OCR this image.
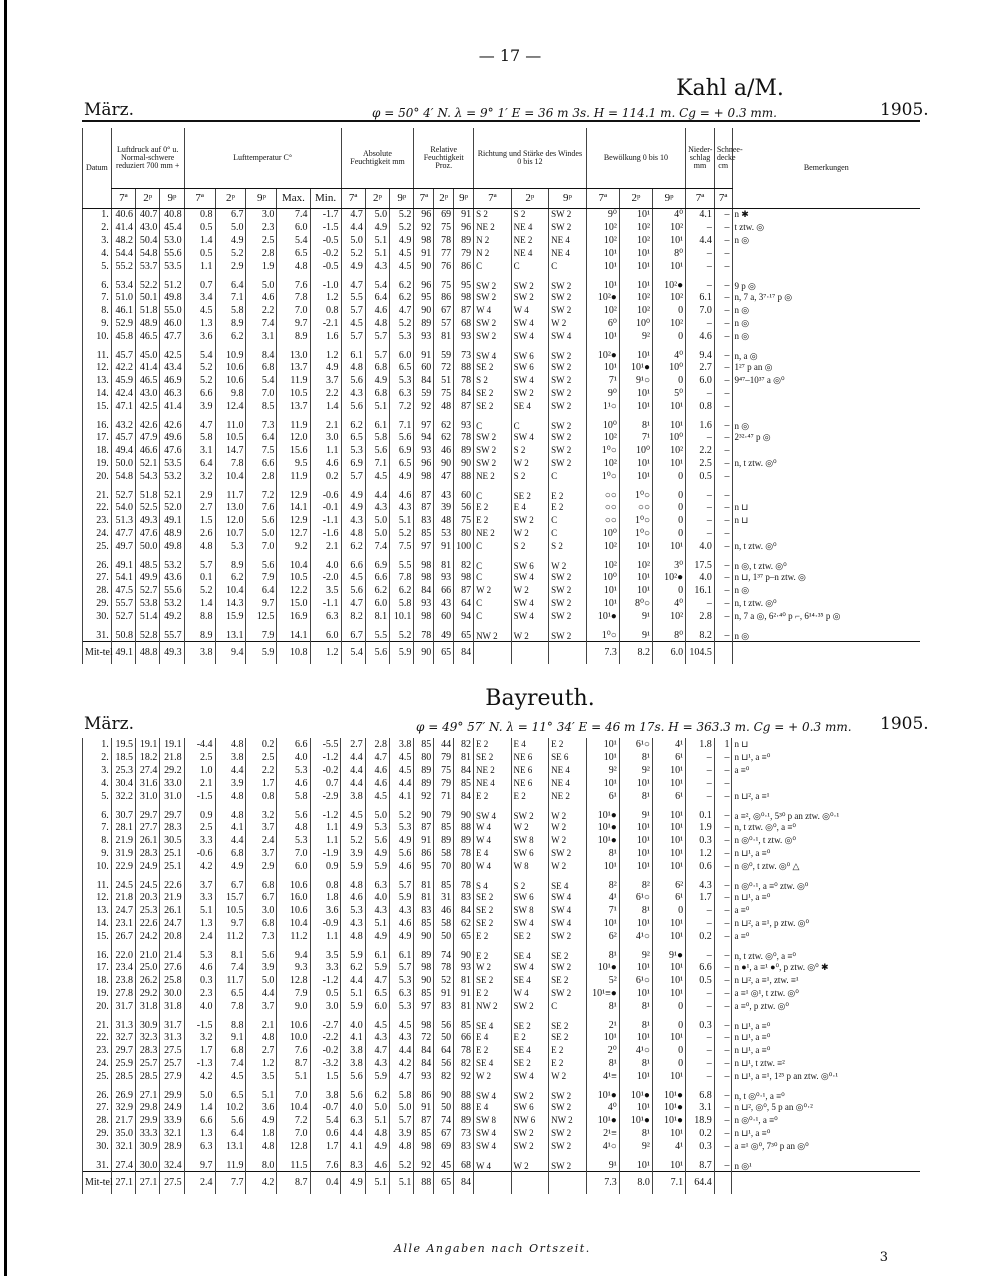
— 17 —
März.
Kahl a/M.
φ = 50° 4′ N. λ = 9° 1′ E = 36 m 3s. H = 114.1 m. Cg = + 0.3 mm.	1905.
Datum	Luftdruck auf 0° u. Normal-schwere reduziert 700 mm +			Lufttemperatur C°					Absolute Feuchtigkeit mm			Relative Feuchtigkeit Proz.			Richtung und Stärke des Windes 0 bis 12			Bewölkung 0 bis 10			Nieder-schlag mm	Schnee-decke cm	Bemerkungen
	7ª	2ᵖ	9ᵖ	7ª	2ᵖ	9ᵖ	Max.	Min.	7ª	2ᵖ	9ᵖ	7ª	2ᵖ	9ᵖ	7ª	2ᵖ	9ᵖ	7ª	2ᵖ	9ᵖ	7ª	7ª	
1.	40.6	40.7	40.8	0.8	6.7	3.0	7.4	-1.7	4.7	5.0	5.2	96	69	91	S 2	S 2	SW 2	9⁰	10¹	4⁰	4.1	–	n ✱
2.	41.4	43.0	45.4	0.5	5.0	2.3	6.0	-1.5	4.4	4.9	5.2	92	75	96	NE 2	NE 4	SW 2	10²	10²	10²	–	–	t ztw. ◎
3.	48.2	50.4	53.0	1.4	4.9	2.5	5.4	-0.5	5.0	5.1	4.9	98	78	89	N 2	NE 2	NE 4	10²	10²	10¹	4.4	–	n ◎
4.	54.4	54.8	55.6	0.5	5.2	2.8	6.5	-0.2	5.2	5.1	4.5	91	77	79	N 2	NE 4	NE 4	10¹	10¹	8⁰	–	–	
5.	55.2	53.7	53.5	1.1	2.9	1.9	4.8	-0.5	4.9	4.3	4.5	90	76	86	C	C	C	10¹	10¹	10¹	–	–	
6.	53.4	52.2	51.2	0.7	6.4	5.0	7.6	-1.0	4.7	5.4	6.2	96	75	95	SW 2	SW 2	SW 2	10¹	10¹	10²●	–	–	9 p ◎
7.	51.0	50.1	49.8	3.4	7.1	4.6	7.8	1.2	5.5	6.4	6.2	95	86	98	SW 2	SW 2	SW 2	10²●	10²	10²	6.1	–	n, 7 a, 3⁷·¹⁷ p ◎
8.	46.1	51.8	55.0	4.5	5.8	2.2	7.0	0.8	5.7	4.6	4.7	90	67	87	W 4	W 4	SW 2	10²	10²	0	7.0	–	n ◎
9.	52.9	48.9	46.0	1.3	8.9	7.4	9.7	-2.1	4.5	4.8	5.2	89	57	68	SW 2	SW 4	W 2	6⁰	10⁰	10²	–	–	n ◎
10.	45.8	46.5	47.7	3.6	6.2	3.1	8.9	1.6	5.7	5.7	5.3	93	81	93	SW 2	SW 4	SW 4	10¹	9²	0	4.6	–	n ◎
11.	45.7	45.0	42.5	5.4	10.9	8.4	13.0	1.2	6.1	5.7	6.0	91	59	73	SW 4	SW 6	SW 2	10²●	10¹	4⁰	9.4	–	n, a ◎
12.	42.2	41.4	43.4	5.2	10.6	6.8	13.7	4.9	4.8	6.8	6.5	60	72	88	SE 2	SW 6	SW 2	10¹	10¹●	10⁰	2.7	–	1²⁷ p an ◎
13.	45.9	46.5	46.9	5.2	10.6	5.4	11.9	3.7	5.6	4.9	5.3	84	51	78	S 2	SW 4	SW 2	7¹	9¹○	0	6.0	–	9⁴⁷–10³⁷ a ◎⁰
14.	42.4	43.0	46.3	6.6	9.8	7.0	10.5	2.2	4.3	6.8	6.3	59	75	84	SE 2	SW 2	SW 2	9⁰	10¹	5⁰	–	–	
15.	47.1	42.5	41.4	3.9	12.4	8.5	13.7	1.4	5.6	5.1	7.2	92	48	87	SE 2	SE 4	SW 2	1¹○	10¹	10¹	0.8	–	
16.	43.2	42.6	42.6	4.7	11.0	7.3	11.9	2.1	6.2	6.1	7.1	97	62	93	C	C	SW 2	10⁰	8¹	10¹	1.6	–	n ◎
17.	45.7	47.9	49.6	5.8	10.5	6.4	12.0	3.0	6.5	5.8	5.6	94	62	78	SW 2	SW 4	SW 2	10²	7¹	10⁰	–	–	2³²·⁴⁷ p ◎
18.	49.4	46.6	47.6	3.1	14.7	7.5	15.6	1.1	5.3	5.6	6.9	93	46	89	SW 2	S 2	SW 2	1⁰○	10⁰	10²	2.2	–	
19.	50.0	52.1	53.5	6.4	7.8	6.6	9.5	4.6	6.9	7.1	6.5	96	90	90	SW 2	W 2	SW 2	10²	10¹	10¹	2.5	–	n, t ztw. ◎⁰
20.	54.8	54.3	53.2	3.2	10.4	2.8	11.9	0.2	5.7	4.5	4.9	98	47	88	NE 2	S 2	C	1⁰○	10¹	0	0.5	–	
21.	52.7	51.8	52.1	2.9	11.7	7.2	12.9	-0.6	4.9	4.4	4.6	87	43	60	C	SE 2	E 2	○○	1⁰○	0	–	–	
22.	54.0	52.5	52.0	2.7	13.0	7.6	14.1	-0.1	4.9	4.3	4.3	87	39	56	E 2	E 4	E 2	○○	○○	0	–	–	n ⊔
23.	51.3	49.3	49.1	1.5	12.0	5.6	12.9	-1.1	4.3	5.0	5.1	83	48	75	E 2	SW 2	C	○○	1⁰○	0	–	–	n ⊔
24.	47.7	47.6	48.9	2.6	10.7	5.0	12.7	-1.6	4.8	5.0	5.2	85	53	80	NE 2	W 2	C	10⁰	1⁰○	0	–	–	
25.	49.7	50.0	49.8	4.8	5.3	7.0	9.2	2.1	6.2	7.4	7.5	97	91	100	C	S 2	S 2	10²	10¹	10¹	4.0	–	n, t ztw. ◎⁰
26.	49.1	48.5	53.2	5.7	8.9	5.6	10.4	4.0	6.6	6.9	5.5	98	81	82	C	SW 6	W 2	10²	10²	3⁰	17.5	–	n ◎, t ztw. ◎⁰
27.	54.1	49.9	43.6	0.1	6.2	7.9	10.5	-2.0	4.5	6.6	7.8	98	93	98	C	SW 4	SW 2	10⁰	10¹	10²●	4.0	–	n ⊔, 1³⁷ p–n ztw. ◎
28.	47.5	52.7	55.6	5.2	10.4	6.4	12.2	3.5	5.6	6.2	6.2	84	66	87	W 2	W 2	SW 2	10¹	10¹	0	16.1	–	n ◎
29.	55.7	53.8	53.2	1.4	14.3	9.7	15.0	-1.1	4.7	6.0	5.8	93	43	64	C	SW 4	SW 2	10¹	8⁰○	4⁰	–	–	n, t ztw. ◎⁰
30.	52.7	51.4	49.2	8.8	15.9	12.5	16.9	6.3	8.2	8.1	10.1	98	60	94	C	SW 4	SW 2	10¹●	9¹	10²	2.8	–	n, 7 a ◎, 6²·⁴⁰ p ⌐, 6¹⁴·³⁵ p ◎
31.	50.8	52.8	55.7	8.9	13.1	7.9	14.1	6.0	6.7	5.5	5.2	78	49	65	NW 2	W 2	SW 2	1⁰○	9¹	8⁰	8.2	–	n ◎
Mit-tel	49.1	48.8	49.3	3.8	9.4	5.9	10.8	1.2	5.4	5.6	5.9	90	65	84				7.3	8.2	6.0	104.5		
Bayreuth.
März.	φ = 49° 57′ N. λ = 11° 34′ E = 46 m 17s. H = 363.3 m. Cg = + 0.3 mm. 1905.
1.	19.5	19.1	19.1	-4.4	4.8	0.2	6.6	-5.5	2.7	2.8	3.8	85	44	82	E 2	E 4	E 2	10¹	6¹○	4¹	1.8	1	n ⊔
2.	18.5	18.2	21.8	2.5	3.8	2.5	4.0	-1.2	4.4	4.7	4.5	80	79	81	SE 2	NE 6	SE 6	10¹	8¹	6¹	–	–	n ⊔¹, a ≡⁰
3.	25.3	27.4	29.2	1.0	4.4	2.2	5.3	-0.2	4.4	4.6	4.5	89	75	84	NE 2	NE 6	NE 4	9²	9²	10¹	–	–	a ≡⁰
4.	30.4	31.6	33.0	2.1	3.9	1.7	4.6	0.7	4.4	4.6	4.4	89	79	85	NE 4	NE 6	NE 4	10¹	10¹	10¹	–	–	
5.	32.2	31.0	31.0	-1.5	4.8	0.8	5.8	-2.9	3.8	4.5	4.1	92	71	84	E 2	E 2	NE 2	6¹	8¹	6¹	–	–	n ⊔², a ≡¹
6.	30.7	29.7	29.7	0.9	4.8	3.2	5.6	-1.2	4.5	5.0	5.2	90	79	90	SW 4	SW 2	W 2	10¹●	9¹	10¹	0.1	–	a ≡², ◎⁰·¹, 5³⁰ p an ztw. ◎⁰·¹
7.	28.1	27.7	28.3	2.5	4.1	3.7	4.8	1.1	4.9	5.3	5.3	87	85	88	W 4	W 2	W 2	10¹●	10¹	10¹	1.9	–	n, t ztw. ◎⁰, a ≡⁰
8.	21.9	26.1	30.5	3.3	4.4	2.4	5.3	1.1	5.2	5.6	4.9	91	89	89	W 4	SW 8	W 2	10¹●	10¹	10¹	0.3	–	n ◎⁰·¹, t ztw. ◎⁰
9.	31.9	28.3	25.1	-0.6	6.8	3.7	7.0	-1.9	3.9	4.9	5.6	86	58	78	E 4	SW 6	SW 2	8¹	10¹	10¹	1.2	–	n ⊔¹, a ≡⁰
10.	22.9	24.9	25.1	4.2	4.9	2.9	6.0	0.9	5.9	5.9	4.6	95	70	80	W 4	W 8	W 2	10¹	10¹	10¹	0.6	–	n ◎⁰, t ztw. ◎⁰ △
11.	24.5	24.5	22.6	3.7	6.7	6.8	10.6	0.8	4.8	6.3	5.7	81	85	78	S 4	S 2	SE 4	8²	8²	6²	4.3	–	n ◎⁰·¹, a ≡⁰ ztw. ◎⁰
12.	21.8	20.3	21.9	3.3	15.7	6.7	16.0	1.8	4.6	4.0	5.9	81	31	83	SE 2	SW 6	SW 4	4¹	6¹○	6¹	1.7	–	n ⊔¹, a ≡⁰
13.	24.7	25.3	26.1	5.1	10.5	3.0	10.6	3.6	5.3	4.3	4.3	83	46	84	SE 2	SW 8	SW 4	7¹	8¹	0	–	–	a ≡⁰
14.	23.1	22.6	24.7	1.3	9.7	6.8	10.4	-0.9	4.3	5.1	4.6	85	58	62	SE 2	SW 4	SW 4	10¹	10¹	10¹	–	–	n ⊔², a ≡¹, p ztw. ◎⁰
15.	26.7	24.2	20.8	2.4	11.2	7.3	11.2	1.1	4.8	4.9	4.9	90	50	65	E 2	SE 2	SW 2	6²	4¹○	10¹	0.2	–	a ≡⁰
16.	22.0	21.0	21.4	5.3	8.1	5.6	9.4	3.5	5.9	6.1	6.1	89	74	90	E 2	SE 4	SE 2	8¹	9²	9¹●	–	–	n, t ztw. ◎⁰, a ≡⁰
17.	23.4	25.0	27.6	4.6	7.4	3.9	9.3	3.3	6.2	5.9	5.7	98	78	93	W 2	SW 4	SW 2	10¹●	10¹	10¹	6.6	–	n ●¹, a ≡¹ ●⁰, p ztw. ◎⁰ ✱
18.	23.8	26.2	25.8	0.3	11.7	5.0	12.8	-1.2	4.4	4.7	5.3	90	52	81	SE 2	SE 4	SE 2	5²	6¹○	10¹	0.5	–	n ⊔², a ≡¹, ztw. ≡¹
19.	27.8	29.2	30.0	2.3	6.5	4.4	7.9	0.5	5.1	6.5	6.3	85	91	91	E 2	W 4	SW 2	10¹≡●	10¹	10¹	–	–	a ≡¹ ◎¹, t ztw. ◎⁰
20.	31.7	31.8	31.8	4.0	7.8	3.7	9.0	3.0	5.9	6.0	5.3	97	83	81	NW 2	SW 2	C	8¹	8¹	0	–	–	a ≡⁰, p ztw. ◎⁰
21.	31.3	30.9	31.7	-1.5	8.8	2.1	10.6	-2.7	4.0	4.5	4.5	98	56	85	SE 4	SE 2	SE 2	2¹	8¹	0	0.3	–	n ⊔¹, a ≡⁰
22.	32.7	32.3	31.3	3.2	9.1	4.8	10.0	-2.2	4.1	4.3	4.3	72	50	66	E 4	E 2	SE 2	10¹	10¹	10¹	–	–	n ⊔¹, a ≡⁰
23.	29.7	28.3	27.5	1.7	6.8	2.7	7.6	-0.2	3.8	4.7	4.4	84	64	78	E 2	SE 4	E 2	2⁰	4¹○	0	–	–	n ⊔¹, a ≡⁰
24.	25.9	25.7	25.7	-1.3	7.4	1.2	8.7	-3.2	3.8	4.3	4.2	84	56	82	SE 4	SE 2	E 2	8¹	8¹	0	–	–	n ⊔¹, t ztw. ≡²
25.	28.5	28.5	27.9	4.2	4.5	3.5	5.1	1.5	5.6	5.9	4.7	93	82	92	W 2	SW 4	W 2	4¹≡	10¹	10¹	–	–	n ⊔¹, a ≡¹, 1²⁵ p an ztw. ◎⁰·¹
26.	26.9	27.1	29.9	5.0	6.5	5.1	7.0	3.8	5.6	6.2	5.8	86	90	88	SW 4	SW 2	SW 2	10¹●	10¹●	10¹●	6.8	–	n, t ◎⁰·¹, a ≡⁰
27.	32.9	29.8	24.9	1.4	10.2	3.6	10.4	-0.7	4.0	5.0	5.0	91	50	88	E 4	SW 6	SW 2	4⁰	10¹	10¹●	3.1	–	n ⊔², ◎⁰, 5 p an ◎⁰·²
28.	21.7	29.9	33.9	6.6	5.6	4.9	7.2	5.4	6.3	5.1	5.7	87	74	89	SW 8	NW 6	NW 2	10¹●	10¹●	10¹●	18.9	–	n ◎⁰·¹, a ≡⁰
29.	35.0	33.3	32.1	1.3	6.4	1.8	7.0	0.6	4.4	4.8	3.9	85	67	73	SW 4	SW 2	SW 2	2¹≡	8¹	10¹	0.2	–	n ⊔¹, a ≡⁰
30.	32.1	30.9	28.9	6.3	13.1	4.8	12.8	1.7	4.1	4.9	4.8	98	69	83	SW 4	SW 2	SW 2	4¹○	9²	4¹	0.3	–	a ≡¹ ◎⁰, 7³⁰ p an ◎⁰
31.	27.4	30.0	32.4	9.7	11.9	8.0	11.5	7.6	8.3	4.6	5.2	92	45	68	W 4	W 2	SW 2	9¹	10¹	10¹	8.7	–	n ◎¹
Mit-tel	27.1	27.1	27.5	2.4	7.7	4.2	8.7	0.4	4.9	5.1	5.1	88	65	84				7.3	8.0	7.1	64.4		
Alle Angaben nach Ortszeit.
3
